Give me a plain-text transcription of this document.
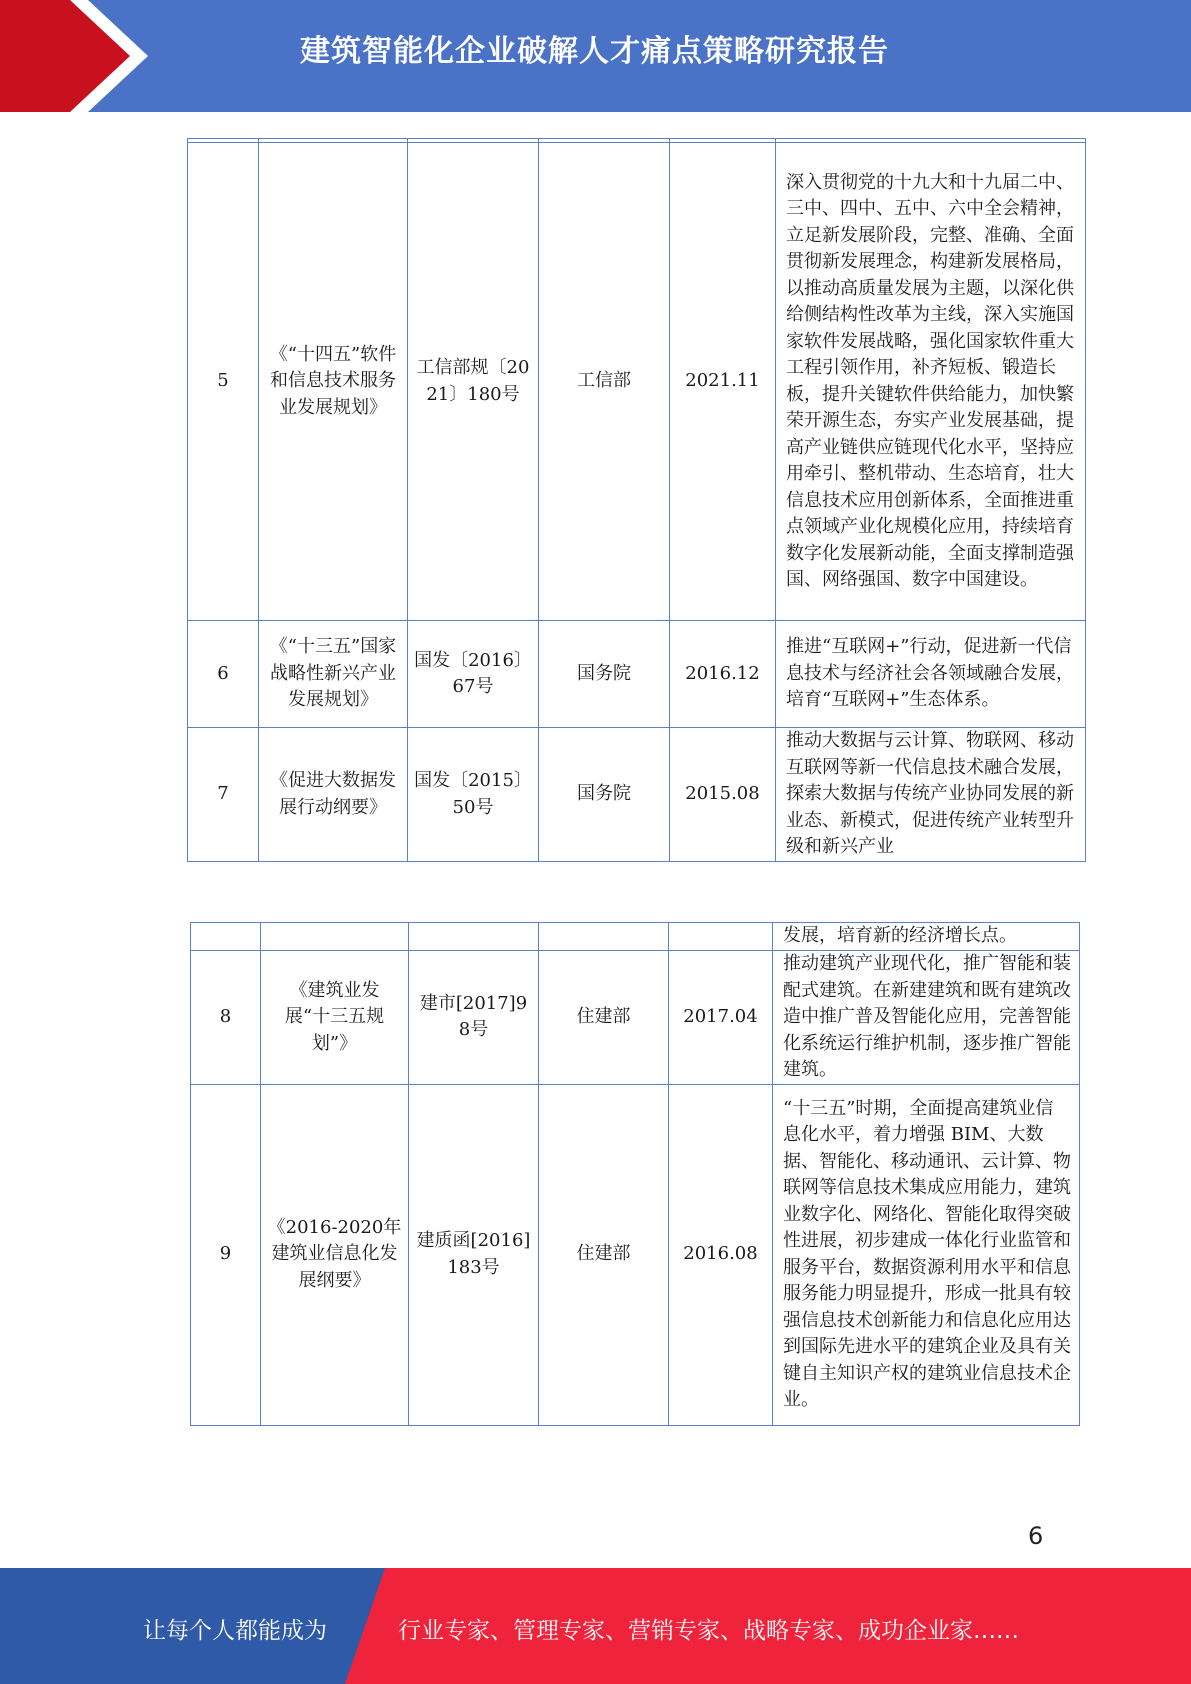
建筑智能化企业破解人才痛点策略研究报告

5	《“十四五”软件和信息技术服务业发展规划》	工信部规〔2021〕180号	工信部	2021.11	深入贯彻党的十九大和十九届二中、三中、四中、五中、六中全会精神，立足新发展阶段，完整、准确、全面贯彻新发展理念，构建新发展格局，以推动高质量发展为主题，以深化供给侧结构性改革为主线，深入实施国家软件发展战略，强化国家软件重大工程引领作用，补齐短板、锻造长板，提升关键软件供给能力，加快繁荣开源生态，夯实产业发展基础，提高产业链供应链现代化水平，坚持应用牵引、整机带动、生态培育，壮大信息技术应用创新体系，全面推进重点领域产业化规模化应用，持续培育数字化发展新动能，全面支撑制造强国、网络强国、数字中国建设。
6	《“十三五”国家战略性新兴产业发展规划》	国发〔2016〕67号	国务院	2016.12	推进“互联网+”行动，促进新一代信息技术与经济社会各领域融合发展，培育“互联网+”生态体系。
7	《促进大数据发展行动纲要》	国发〔2015〕50号	国务院	2015.08	推动大数据与云计算、物联网、移动互联网等新一代信息技术融合发展，探索大数据与传统产业协同发展的新业态、新模式，促进传统产业转型升级和新兴产业
					发展，培育新的经济增长点。
8	《建筑业发展“十三五规划”》	建市[2017]98号	住建部	2017.04	推动建筑产业现代化，推广智能和装配式建筑。在新建建筑和既有建筑改造中推广普及智能化应用，完善智能化系统运行维护机制，逐步推广智能建筑。
9	《2016-2020年建筑业信息化发展纲要》	建质函[2016]183号	住建部	2016.08	“十三五”时期，全面提高建筑业信息化水平，着力增强 BIM、大数据、智能化、移动通讯、云计算、物联网等信息技术集成应用能力，建筑业数字化、网络化、智能化取得突破性进展，初步建成一体化行业监管和服务平台，数据资源利用水平和信息服务能力明显提升，形成一批具有较强信息技术创新能力和信息化应用达到国际先进水平的建筑企业及具有关键自主知识产权的建筑业信息技术企业。
6
让每个人都能成为	行业专家、管理专家、营销专家、战略专家、成功企业家……
